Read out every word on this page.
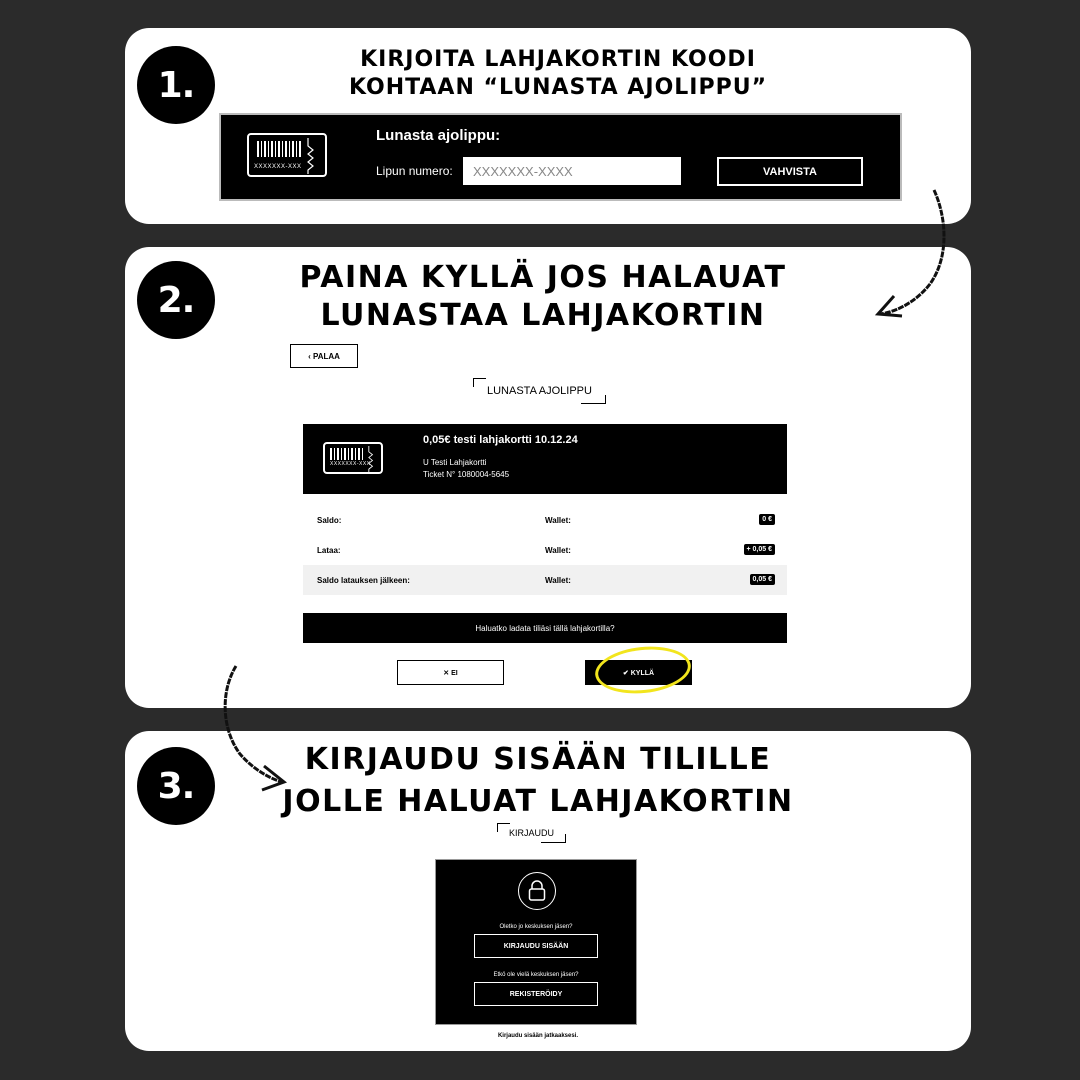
1.
KIRJOITA LAHJAKORTIN KOODI
KOHTAAN “LUNASTA AJOLIPPU”
XXXXXXX-XXX
Lunasta ajolippu:
Lipun numero:
XXXXXXX-XXXX	VAHVISTA
2.
PAINA KYLLÄ JOS HALAUAT
LUNASTAA LAHJAKORTIN
‹ PALAA
LUNASTA AJOLIPPU
XXXXXXX-XXX
0,05€ testi lahjakortti 10.12.24
U Testi Lahjakortti
Ticket N° 1080004-5645
Saldo:	Wallet:	0 €
Lataa:	Wallet:	+ 0,05 €
Saldo latauksen jälkeen:	Wallet:	0,05 €
Haluatko ladata tiliäsi tällä lahjakortilla?
✕ EI	✔ KYLLÄ
3.
KIRJAUDU SISÄÄN TILILLE
JOLLE HALUAT LAHJAKORTIN
KIRJAUDU
Oletko jo keskuksen jäsen?
KIRJAUDU SISÄÄN
Etkö ole vielä keskuksen jäsen?
REKISTERÖIDY
Kirjaudu sisään jatkaaksesi.
